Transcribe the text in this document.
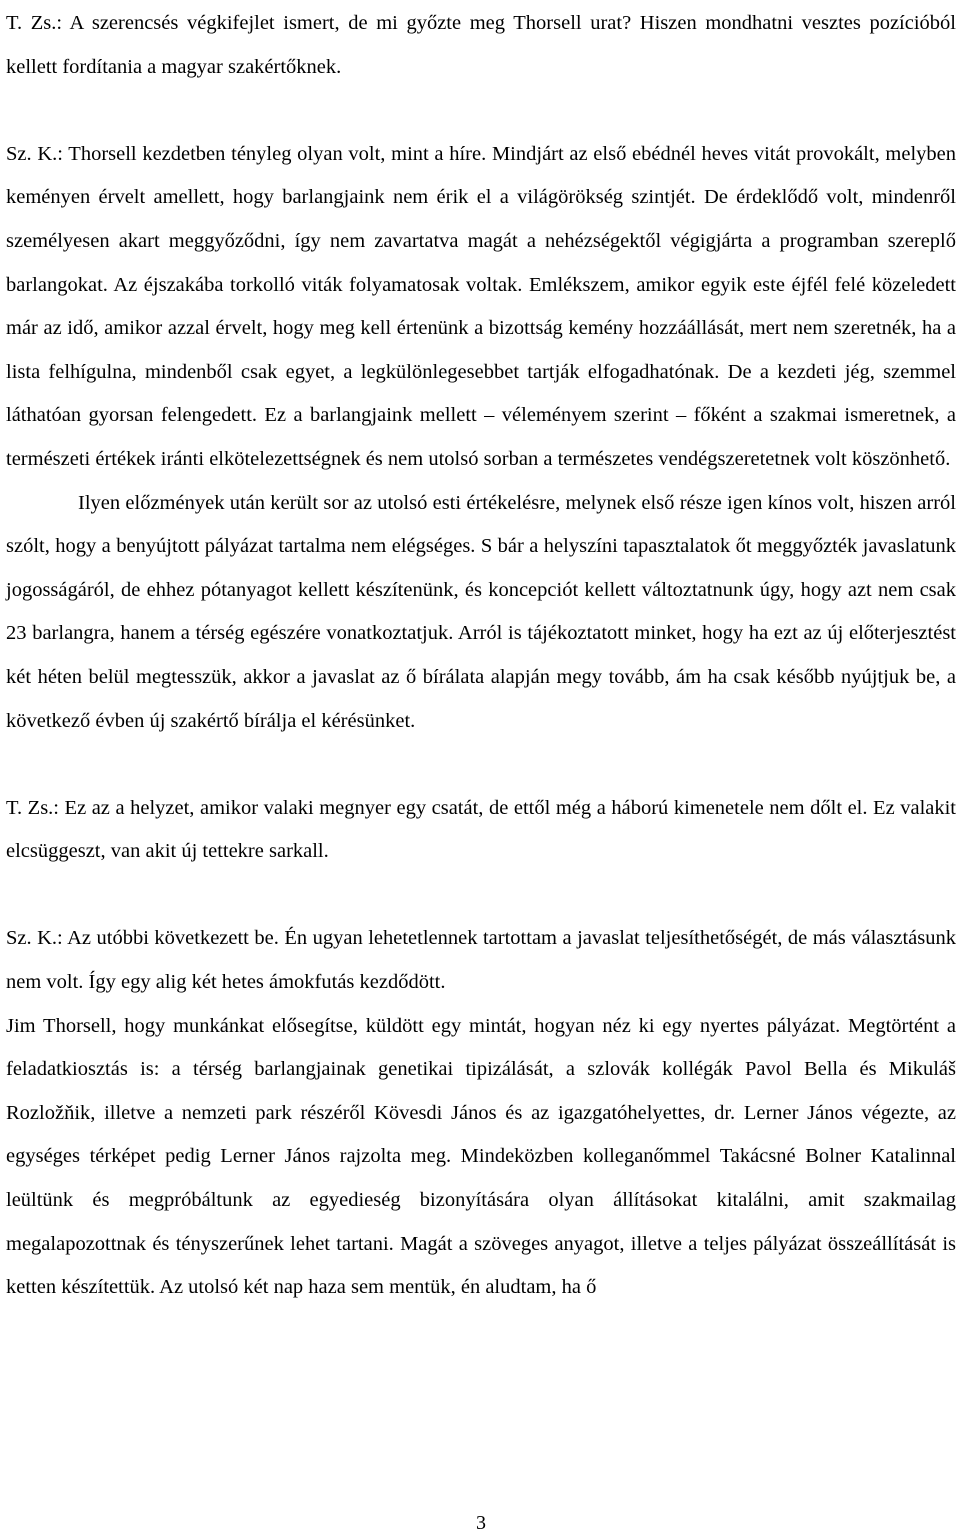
T. Zs.: A szerencsés végkifejlet ismert, de mi győzte meg Thorsell urat? Hiszen mondhatni vesztes pozícióból kellett fordítania a magyar szakértőknek.

Sz. K.: Thorsell kezdetben tényleg olyan volt, mint a híre. Mindjárt az első ebédnél heves vitát provokált, melyben keményen érvelt amellett, hogy barlangjaink nem érik el a világörökség szintjét. De érdeklődő volt, mindenről személyesen akart meggyőződni, így nem zavartatva magát a nehézségektől végigjárta a programban szereplő barlangokat. Az éjszakába torkolló viták folyamatosak voltak. Emlékszem, amikor egyik este éjfél felé közeledett már az idő, amikor azzal érvelt, hogy meg kell értenünk a bizottság kemény hozzáállását, mert nem szeretnék, ha a lista felhígulna, mindenből csak egyet, a legkülönlegesebbet tartják elfogadhatónak. De a kezdeti jég, szemmel láthatóan gyorsan felengedett. Ez a barlangjaink mellett – véleményem szerint – főként a szakmai ismeretnek, a természeti értékek iránti elkötelezettségnek és nem utolsó sorban a természetes vendégszeretetnek volt köszönhető.

Ilyen előzmények után került sor az utolsó esti értékelésre, melynek első része igen kínos volt, hiszen arról szólt, hogy a benyújtott pályázat tartalma nem elégséges. S bár a helyszíni tapasztalatok őt meggyőzték javaslatunk jogosságáról, de ehhez pótanyagot kellett készítenünk, és koncepciót kellett változtatnunk úgy, hogy azt nem csak 23 barlangra, hanem a térség egészére vonatkoztatjuk. Arról is tájékoztatott minket, hogy ha ezt az új előterjesztést két héten belül megtesszük, akkor a javaslat az ő bírálata alapján megy tovább, ám ha csak később nyújtjuk be, a következő évben új szakértő bírálja el kérésünket.

T. Zs.: Ez az a helyzet, amikor valaki megnyer egy csatát, de ettől még a háború kimenetele nem dőlt el. Ez valakit elcsüggeszt, van akit új tettekre sarkall.

Sz. K.: Az utóbbi következett be. Én ugyan lehetetlennek tartottam a javaslat teljesíthetőségét, de más választásunk nem volt. Így egy alig két hetes ámokfutás kezdődött.

Jim Thorsell, hogy munkánkat elősegítse, küldött egy mintát, hogyan néz ki egy nyertes pályázat. Megtörtént a feladatkiosztás is: a térség barlangjainak genetikai tipizálását, a szlovák kollégák Pavol Bella és Mikuláš Rozložňik, illetve a nemzeti park részéről Kövesdi János és az igazgatóhelyettes, dr. Lerner János végezte, az egységes térképet pedig Lerner János rajzolta meg. Mindeközben kolleganőmmel Takácsné Bolner Katalinnal leültünk és megpróbáltunk az egyedieség bizonyítására olyan állításokat kitalálni, amit szakmailag megalapozottnak és tényszerűnek lehet tartani. Magát a szöveges anyagot, illetve a teljes pályázat összeállítását is ketten készítettük. Az utolsó két nap haza sem mentük, én aludtam, ha ő

3
